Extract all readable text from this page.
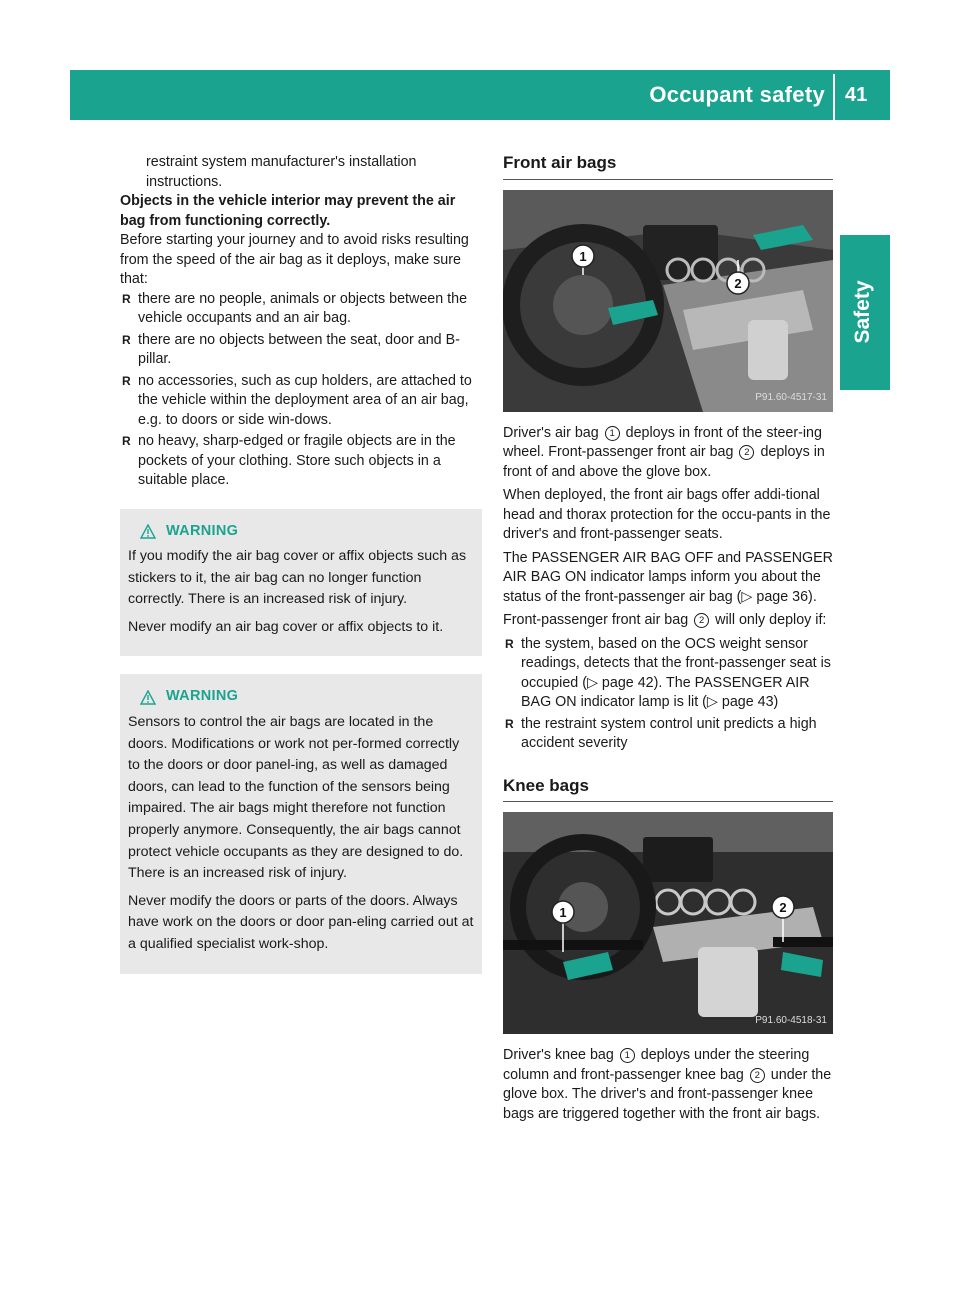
Occupant safety 41
Safety

restraint system manufacturer's installation

instructions.

Objects in the vehicle interior may prevent the air bag from functioning correctly.

Before starting your journey and to avoid risks resulting from the speed of the air bag as it deploys, make sure that:

R there are no people, animals or objects between the vehicle occupants and an air bag.
R there are no objects between the seat, door and B-pillar.
R no accessories, such as cup holders, are attached to the vehicle within the deployment area of an air bag, e.g. to doors or side win-dows.
R no heavy, sharp-edged or fragile objects are in the pockets of your clothing. Store such objects in a suitable place.
WARNING

If you modify the air bag cover or affix objects such as stickers to it, the air bag can no longer function correctly. There is an increased risk of injury.

Never modify an air bag cover or affix objects to it.

WARNING

Sensors to control the air bags are located in the doors. Modifications or work not per-formed correctly to the doors or door panel-ing, as well as damaged doors, can lead to the function of the sensors being impaired. The air bags might therefore not function properly anymore. Consequently, the air bags cannot protect vehicle occupants as they are designed to do. There is an increased risk of injury.

Never modify the doors or parts of the doors. Always have work on the doors or door pan-eling carried out at a qualified specialist work-shop.

Front air bags
1
2
P91.60-4517-31

Driver's air bag 1 deploys in front of the steer-ing wheel. Front-passenger front air bag 2 deploys in front of and above the glove box.

When deployed, the front air bags offer addi-tional head and thorax protection for the occu-pants in the driver's and front-passenger seats.

The PASSENGER AIR BAG OFF and PASSENGER AIR BAG ON indicator lamps inform you about the status of the front-passenger air bag (▷ page 36).

Front-passenger front air bag 2 will only deploy if:

R the system, based on the OCS weight sensor readings, detects that the front-passenger seat is occupied (▷ page 42). The PASSENGER AIR BAG ON indicator lamp is lit (▷ page 43)
R the restraint system control unit predicts a high accident severity
Knee bags
1	2
P91.60-4518-31

Driver's knee bag 1 deploys under the steering column and front-passenger knee bag 2 under the glove box. The driver's and front-passenger knee bags are triggered together with the front air bags.
